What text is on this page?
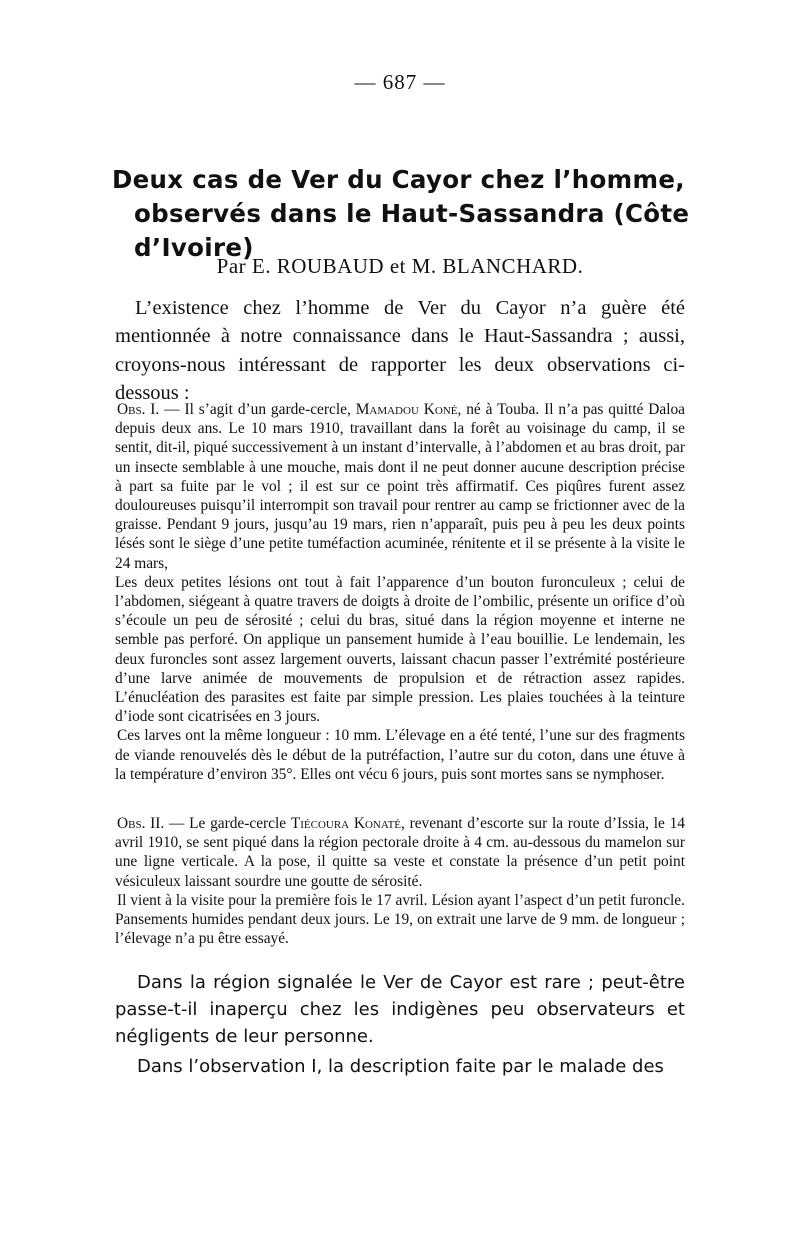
— 687 —
Deux cas de Ver du Cayor chez l’homme,
observés dans le Haut-Sassandra (Côte d’Ivoire)
Par E. ROUBAUD et M. BLANCHARD.
L’existence chez l’homme de Ver du Cayor n’a guère été mentionnée à notre connaissance dans le Haut-Sassandra ; aussi, croyons-nous intéressant de rapporter les deux observations ci-dessous :

Obs. I. — Il s’agit d’un garde-cercle, Mamadou Koné, né à Touba. Il n’a pas quitté Daloa depuis deux ans. Le 10 mars 1910, travaillant dans la forêt au voisinage du camp, il se sentit, dit-il, piqué successivement à un instant d’intervalle, à l’abdomen et au bras droit, par un insecte semblable à une mouche, mais dont il ne peut donner aucune description précise à part sa fuite par le vol ; il est sur ce point très affirmatif. Ces piqûres furent assez douloureuses puisqu’il interrompit son travail pour rentrer au camp se frictionner avec de la graisse. Pendant 9 jours, jusqu’au 19 mars, rien n’apparaît, puis peu à peu les deux points lésés sont le siège d’une petite tuméfaction acuminée, rénitente et il se présente à la visite le 24 mars,

Les deux petites lésions ont tout à fait l’apparence d’un bouton furonculeux ; celui de l’abdomen, siégeant à quatre travers de doigts à droite de l’ombilic, présente un orifice d’où s’écoule un peu de sérosité ; celui du bras, situé dans la région moyenne et interne ne semble pas perforé. On applique un pansement humide à l’eau bouillie. Le lendemain, les deux furoncles sont assez largement ouverts, laissant chacun passer l’extrémité postérieure d’une larve animée de mouvements de propulsion et de rétraction assez rapides. L’énucléation des parasites est faite par simple pression. Les plaies touchées à la teinture d’iode sont cicatrisées en 3 jours.

Ces larves ont la même longueur : 10 mm. L’élevage en a été tenté, l’une sur des fragments de viande renouvelés dès le début de la putréfaction, l’autre sur du coton, dans une étuve à la température d’environ 35°. Elles ont vécu 6 jours, puis sont mortes sans se nymphoser.

Obs. II. — Le garde-cercle Tiécoura Konaté, revenant d’escorte sur la route d’Issia, le 14 avril 1910, se sent piqué dans la région pectorale droite à 4 cm. au-dessous du mamelon sur une ligne verticale. A la pose, il quitte sa veste et constate la présence d’un petit point vésiculeux laissant sourdre une goutte de sérosité.

Il vient à la visite pour la première fois le 17 avril. Lésion ayant l’aspect d’un petit furoncle. Pansements humides pendant deux jours. Le 19, on extrait une larve de 9 mm. de longueur ; l’élevage n’a pu être essayé.

Dans la région signalée le Ver de Cayor est rare ; peut-être passe-t-il inaperçu chez les indigènes peu observateurs et négligents de leur personne.

Dans l’observation I, la description faite par le malade des
